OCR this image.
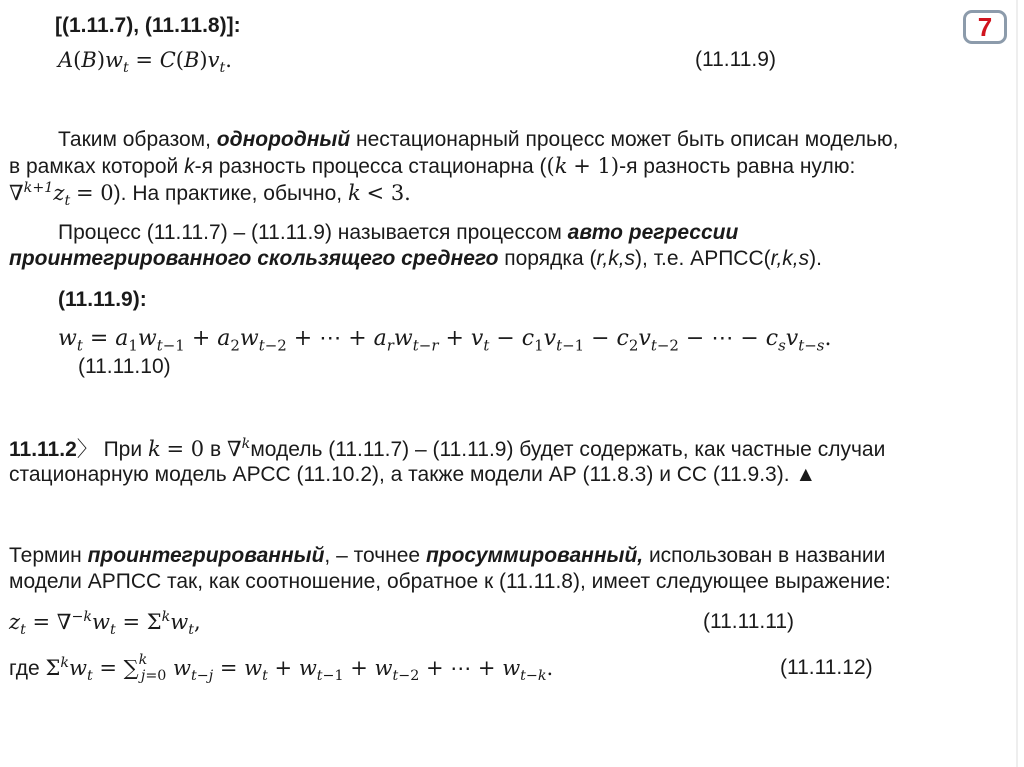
7
[(1.11.7), (11.11.8)]:
$A(B)w_t = C(B)v_t$.	(11.11.9)
Таким образом, однородный нестационарный процесс может быть описан моделью,
в рамках которой k-я разность процесса стационарна ((k + 1)-я разность равна нулю:
$\nabla^{k+1}z_t = 0$). На практике, обычно, k < 3.
Процесс (11.11.7) – (11.11.9) называется процессом авто регрессии
проинтегрированного скользящего среднего порядка (r,k,s), т.е. АРПСС(r,k,s).
(11.11.9):
$w_t = a_1w_{t-1} + a_2w_{t-2}$ + ⋯ + $a_rw_{t-r} + v_t - c_1v_{t-1} - c_2v_{t-2}$ − ⋯ − $c_sv_{t-s}$.
(11.11.10)
11.11.2〉 При k = 0 в ∇$^k$модель (11.11.7) – (11.11.9) будет содержать, как частные случаи
стационарную модель АРСС (11.10.2), а также модели АР (11.8.3) и СС (11.9.3). ▲
Термин проинтегрированный, – точнее просуммированный, использован в названии
модели АРПСС так, как соотношение, обратное к (11.11.8), имеет следующее выражение:
$z_t = \nabla^{-k}w_t = \Sigma^kw_t$,	(11.11.11)
где $\Sigma^kw_t = \sum^k_{j=0}$ $w_{t-j} = w_t + w_{t-1} + w_{t-2}$ + ⋯ + $w_{t-k}$.	(11.11.12)
